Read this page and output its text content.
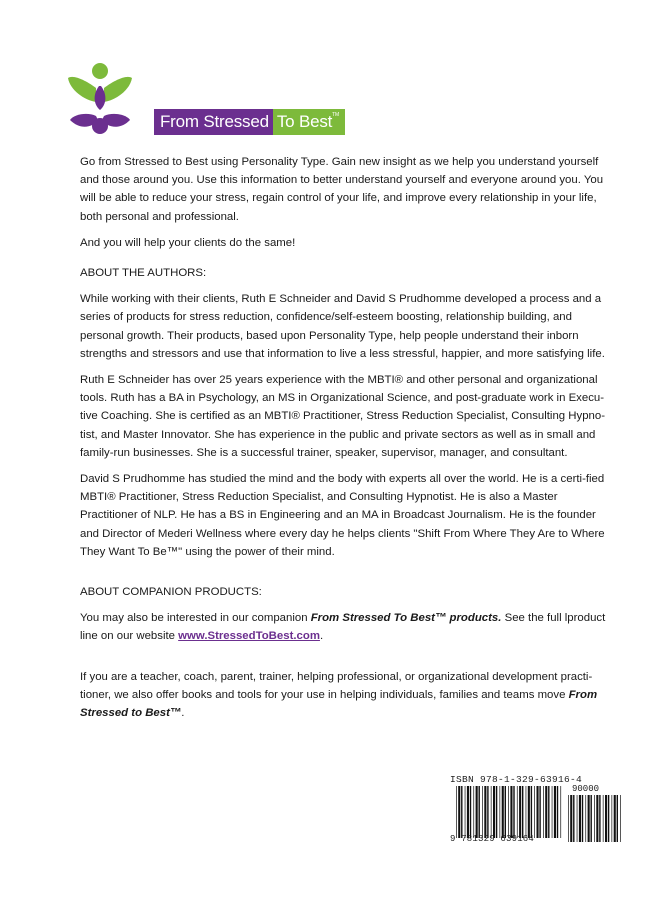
From Stressed To Best™

Go from Stressed to Best using Personality Type. Gain new insight as we help you understand yourself and those around you. Use this information to better understand yourself and everyone around you. You will be able to reduce your stress, regain control of your life, and improve every relationship in your life, both personal and professional.

And you will help your clients do the same!

ABOUT THE AUTHORS:

While working with their clients, Ruth E Schneider and David S Prudhomme developed a process and a series of products for stress reduction, confidence/self-esteem boosting, relationship building, and personal growth. Their products, based upon Personality Type, help people understand their inborn strengths and stressors and use that information to live a less stressful, happier, and more satisfying life.

Ruth E Schneider has over 25 years experience with the MBTI® and other personal and organizational tools. Ruth has a BA in Psychology, an MS in Organizational Science, and post-graduate work in Execu-tive Coaching. She is certified as an MBTI® Practitioner, Stress Reduction Specialist, Consulting Hypno-tist, and Master Innovator. She has experience in the public and private sectors as well as in small and family-run businesses. She is a successful trainer, speaker, supervisor, manager, and consultant.

David S Prudhomme has studied the mind and the body with experts all over the world. He is a certi-fied MBTI® Practitioner, Stress Reduction Specialist, and Consulting Hypnotist. He is also a Master Practitioner of NLP. He has a BS in Engineering and an MA in Broadcast Journalism. He is the founder and Director of Mederi Wellness where every day he helps clients "Shift From Where They Are to Where They Want To Be™" using the power of their mind.

ABOUT COMPANION PRODUCTS:

You may also be interested in our companion From Stressed To Best™ products. See the full lproduct line on our website www.StressedToBest.com.

If you are a teacher, coach, parent, trainer, helping professional, or organizational development practi-tioner, we also offer books and tools for your use in helping individuals, families and teams move From Stressed to Best™.

ISBN 978-1-329-63916-4
90000
9 781329 639164
